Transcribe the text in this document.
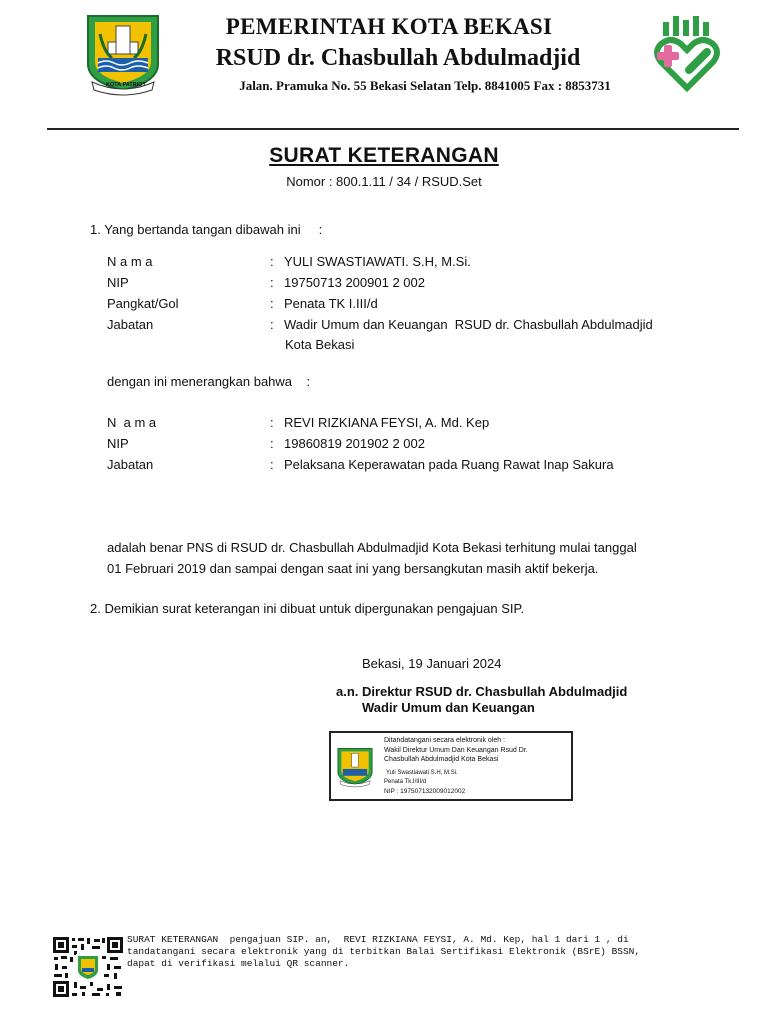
KOTA PATRIOT
PEMERINTAH KOTA BEKASI
RSUD dr. Chasbullah Abdulmadjid
Jalan. Pramuka No. 55 Bekasi Selatan Telp. 8841005 Fax : 8853731
SURAT KETERANGAN
Nomor : 800.1.11 / 34 / RSUD.Set
1. Yang bertanda tangan dibawah ini     :
N a m a	: YULI SWASTIAWATI. S.H, M.Si.
NIP	: 19750713 200901 2 002
Pangkat/Gol	: Penata TK I.III/d
Jabatan	: Wadir Umum dan Keuangan  RSUD dr. Chasbullah Abdulmadjid
Kota Bekasi
dengan ini menerangkan bahwa    :
N  a m a	: REVI RIZKIANA FEYSI, A. Md. Kep
NIP	: 19860819 201902 2 002
Jabatan	: Pelaksana Keperawatan pada Ruang Rawat Inap Sakura
adalah benar PNS di RSUD dr. Chasbullah Abdulmadjid Kota Bekasi terhitung mulai tanggal
01 Februari 2019 dan sampai dengan saat ini yang bersangkutan masih aktif bekerja.
2. Demikian surat keterangan ini dibuat untuk dipergunakan pengajuan SIP.
Bekasi, 19 Januari 2024
a.n. Direktur RSUD dr. Chasbullah Abdulmadjid
Wadir Umum dan Keuangan
Ditandatangani secara elektronik oleh :
Wakil Direktur Umum Dan Keuangan Rsud Dr.
Chasbullah Abdulmadjid Kota Bekasi
Yuli Swastiawati S.H, M.Si.
Penata Tk.I/III/d
NIP : 197507132009012002
SURAT KETERANGAN  pengajuan SIP. an,  REVI RIZKIANA FEYSI, A. Md. Kep, hal 1 dari 1 , di
tandatangani secara elektronik yang di terbitkan Balai Sertifikasi Elektronik (BSrE) BSSN,
dapat di verifikasi melalui QR scanner.
